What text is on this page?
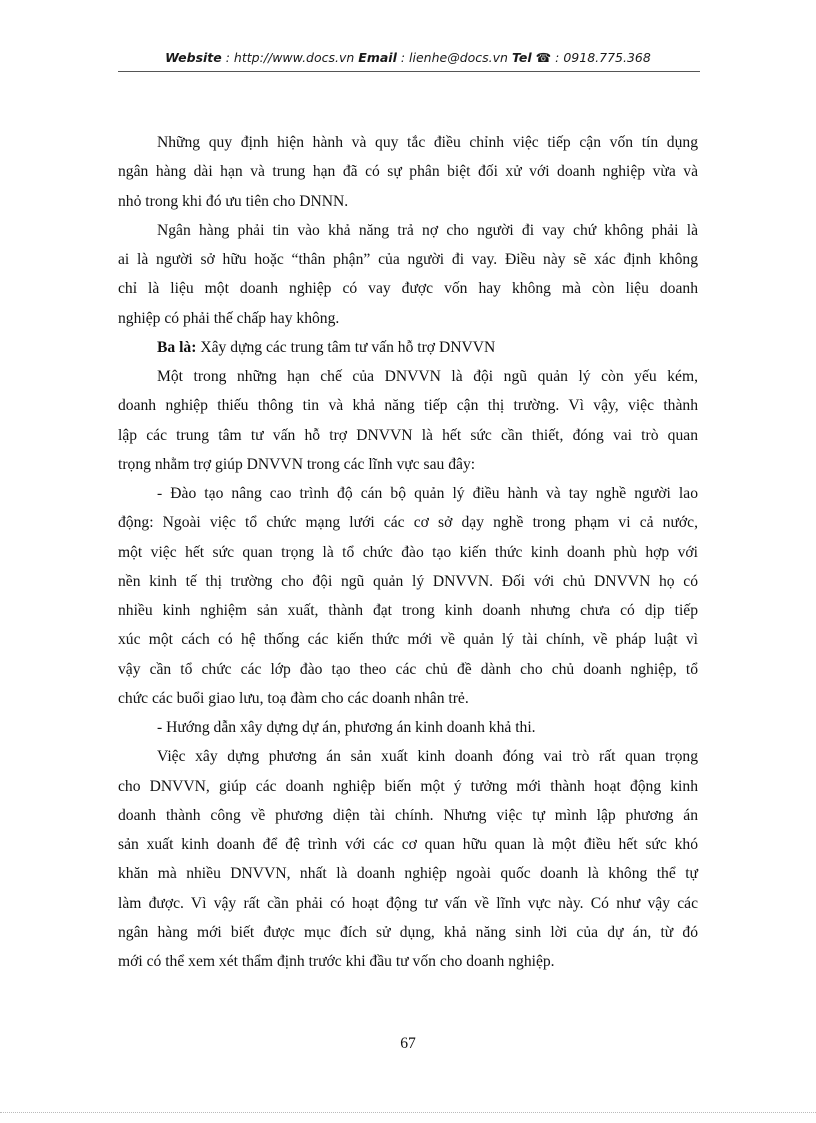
Website : http://www.docs.vn Email : lienhe@docs.vn Tel ☎ : 0918.775.368
Những quy định hiện hành và quy tắc điều chỉnh việc tiếp cận vốn tín dụng
ngân hàng dài hạn và trung hạn đã có sự phân biệt đối xử với doanh nghiệp vừa và
nhỏ trong khi đó ưu tiên cho DNNN.
Ngân hàng phải tin vào khả năng trả nợ cho người đi vay chứ không phải là
ai là người sở hữu hoặc “thân phận” của người đi vay. Điều này sẽ xác định không
chỉ là liệu một doanh nghiệp có vay được vốn hay không mà còn liệu doanh
nghiệp có phải thế chấp hay không.
Ba là: Xây dựng các trung tâm tư vấn hỗ trợ DNVVN
Một trong những hạn chế của DNVVN là đội ngũ quản lý còn yếu kém,
doanh nghiệp thiếu thông tin và khả năng tiếp cận thị trường. Vì vậy, việc thành
lập các trung tâm tư vấn hỗ trợ DNVVN là hết sức cần thiết, đóng vai trò quan
trọng nhằm trợ giúp DNVVN trong các lĩnh vực sau đây:
- Đào tạo nâng cao trình độ cán bộ quản lý điều hành và tay nghề người lao
động: Ngoài việc tổ chức mạng lưới các cơ sở dạy nghề trong phạm vi cả nước,
một việc hết sức quan trọng là tổ chức đào tạo kiến thức kinh doanh phù hợp với
nền kinh tế thị trường cho đội ngũ quản lý DNVVN. Đối với chủ DNVVN họ có
nhiều kinh nghiệm sản xuất, thành đạt trong kinh doanh nhưng chưa có dịp tiếp
xúc một cách có hệ thống các kiến thức mới về quản lý tài chính, về pháp luật vì
vậy cần tổ chức các lớp đào tạo theo các chủ đề dành cho chủ doanh nghiệp, tổ
chức các buổi giao lưu, toạ đàm cho các doanh nhân trẻ.
- Hướng dẫn xây dựng dự án, phương án kinh doanh khả thi.
Việc xây dựng phương án sản xuất kinh doanh đóng vai trò rất quan trọng
cho DNVVN, giúp các doanh nghiệp biến một ý tưởng mới thành hoạt động kinh
doanh thành công về phương diện tài chính. Nhưng việc tự mình lập phương án
sản xuất kinh doanh để đệ trình với các cơ quan hữu quan là một điều hết sức khó
khăn mà nhiều DNVVN, nhất là doanh nghiệp ngoài quốc doanh là không thể tự
làm được. Vì vậy rất cần phải có hoạt động tư vấn về lĩnh vực này. Có như vậy các
ngân hàng mới biết được mục đích sử dụng, khả năng sinh lời của dự án, từ đó
mới có thể xem xét thẩm định trước khi đầu tư vốn cho doanh nghiệp.
67
